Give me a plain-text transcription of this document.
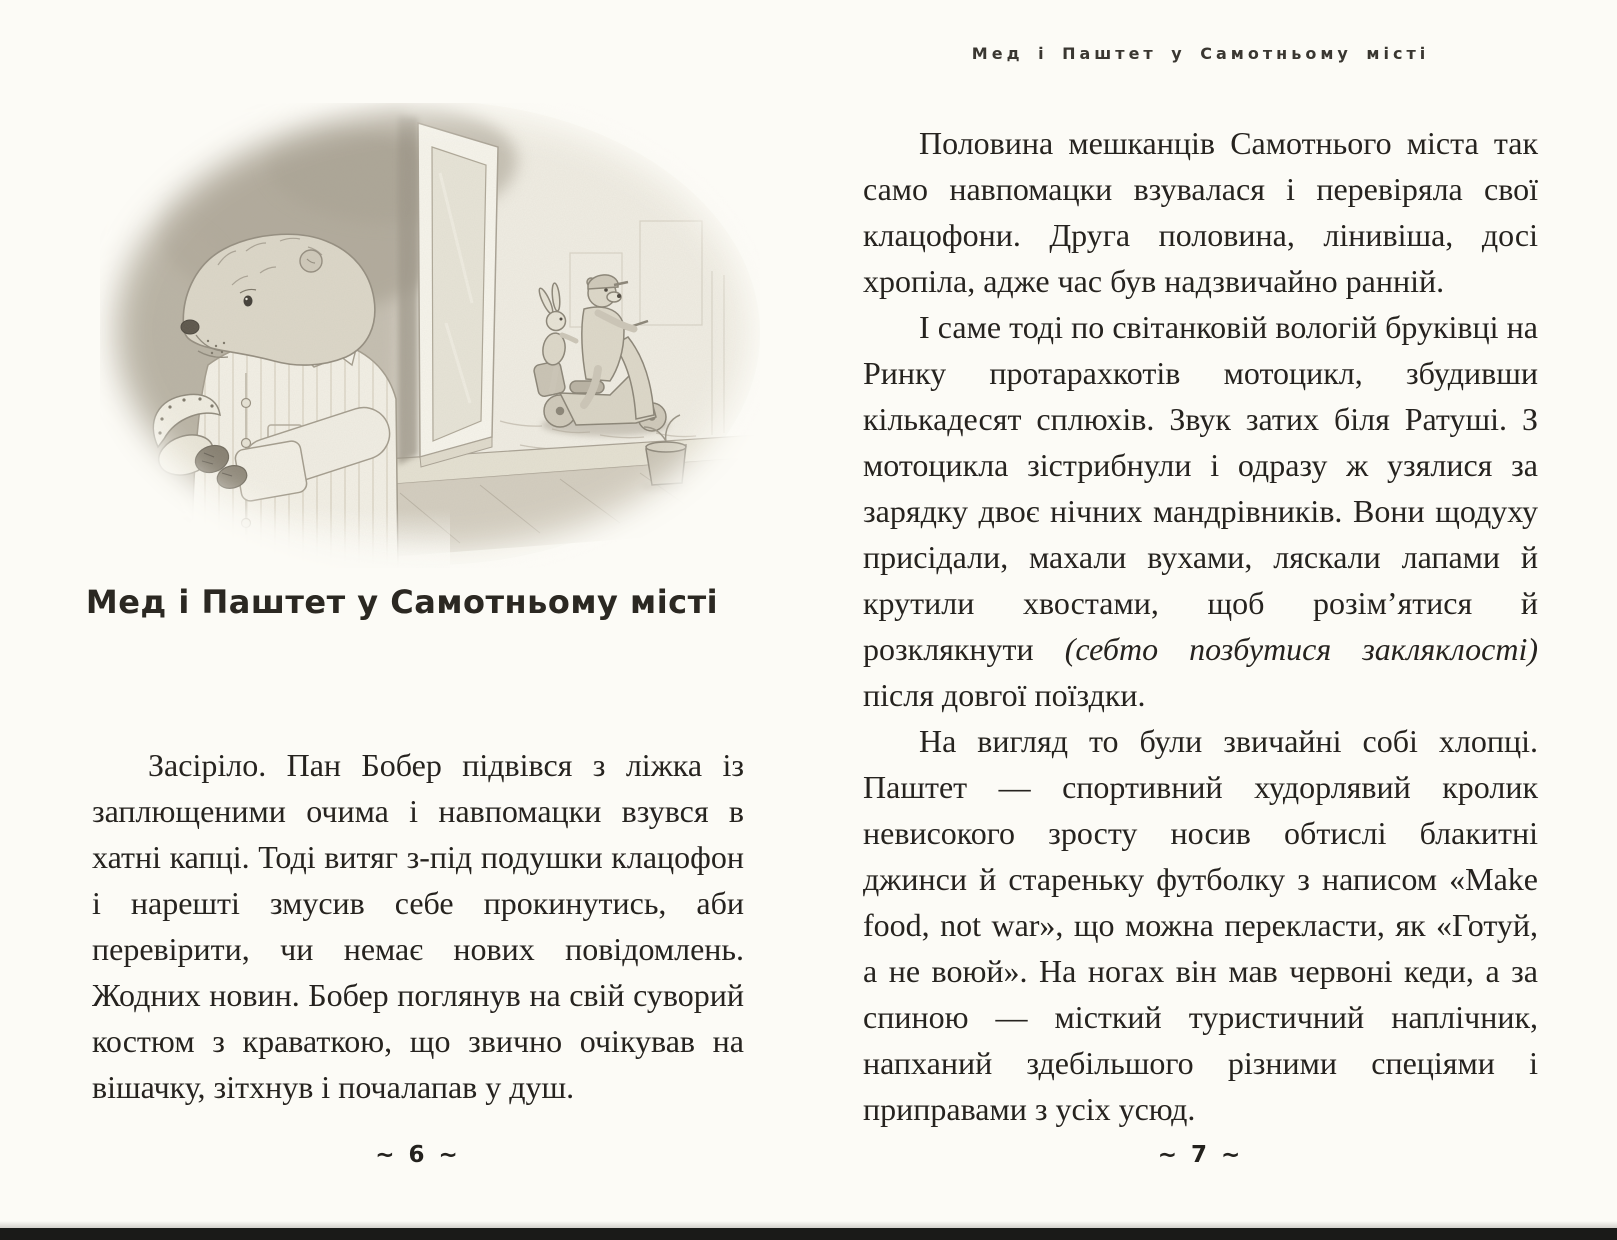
Мед і Паштет у Самотньому місті

Засіріло. Пан Бобер підвівся з ліжка із заплющеними очима і навпомацки взувся в хатні капці. Тоді витяг з-під подушки клацофон і нарешті змусив себе прокинутись, аби перевірити, чи немає нових повідомлень. Жодних новин. Бобер поглянув на свій суворий костюм з краваткою, що звично очікував на вішачку, зітхнув і почалапав у душ.

~ 6 ~
Мед і Паштет у Самотньому місті

Половина мешканців Самотнього міста так само навпомацки взувалася і перевіряла свої клацофони. Друга половина, лінивіша, досі хропіла, адже час був надзвичайно ранній.

І саме тоді по світанковій вологій бруківці на Ринку протарахкотів мотоцикл, збудивши кількадесят сплюхів. Звук затих біля Ратуші. З мотоцикла зістрибнули і одразу ж узялися за зарядку двоє нічних мандрівників. Вони щодуху присідали, махали вухами, ляскали лапами й крутили хвостами, щоб розім’ятися й розклякнути (себто позбутися закляклості) після довгої поїздки.

На вигляд то були звичайні собі хлопці. Паштет — спортивний худорлявий кролик невисокого зросту носив обтислі блакитні джинси й стареньку футболку з написом «Make food, not war», що можна перекласти, як «Готуй, а не воюй». На ногах він мав червоні кеди, а за спиною — місткий туристичний наплічник, напханий здебільшого різними спеціями і приправами з усіх усюд.

~ 7 ~
